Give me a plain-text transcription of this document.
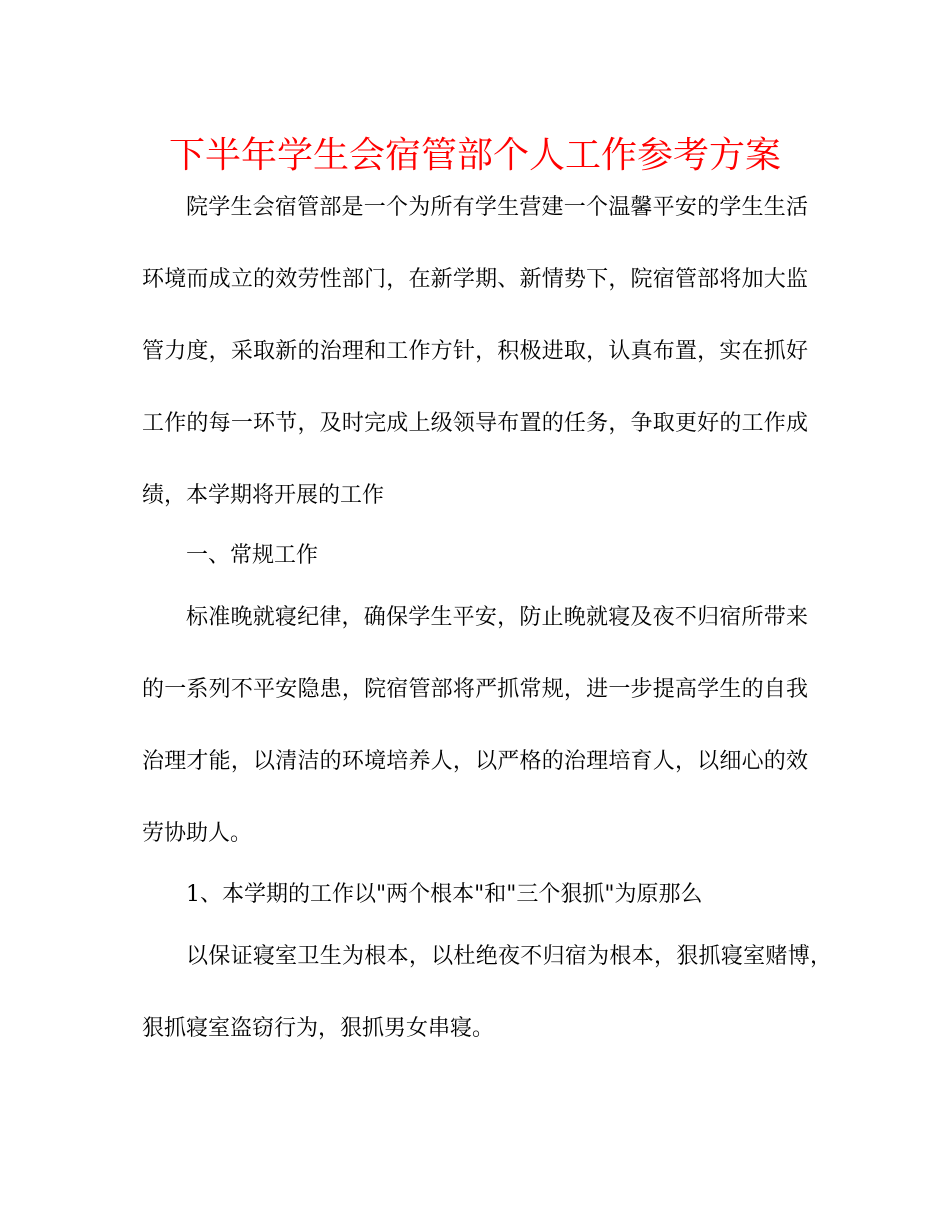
下半年学生会宿管部个人工作参考方案
院学生会宿管部是一个为所有学生营建一个温馨平安的学生生活
环境而成立的效劳性部门，在新学期、新情势下，院宿管部将加大监
管力度，采取新的治理和工作方针，积极进取，认真布置，实在抓好
工作的每一环节，及时完成上级领导布置的任务，争取更好的工作成
绩，本学期将开展的工作
一、常规工作
标准晚就寝纪律，确保学生平安，防止晚就寝及夜不归宿所带来
的一系列不平安隐患，院宿管部将严抓常规，进一步提高学生的自我
治理才能，以清洁的环境培养人，以严格的治理培育人，以细心的效
劳协助人。
1、本学期的工作以"两个根本"和"三个狠抓"为原那么
以保证寝室卫生为根本，以杜绝夜不归宿为根本，狠抓寝室赌博，
狠抓寝室盗窃行为，狠抓男女串寝。
